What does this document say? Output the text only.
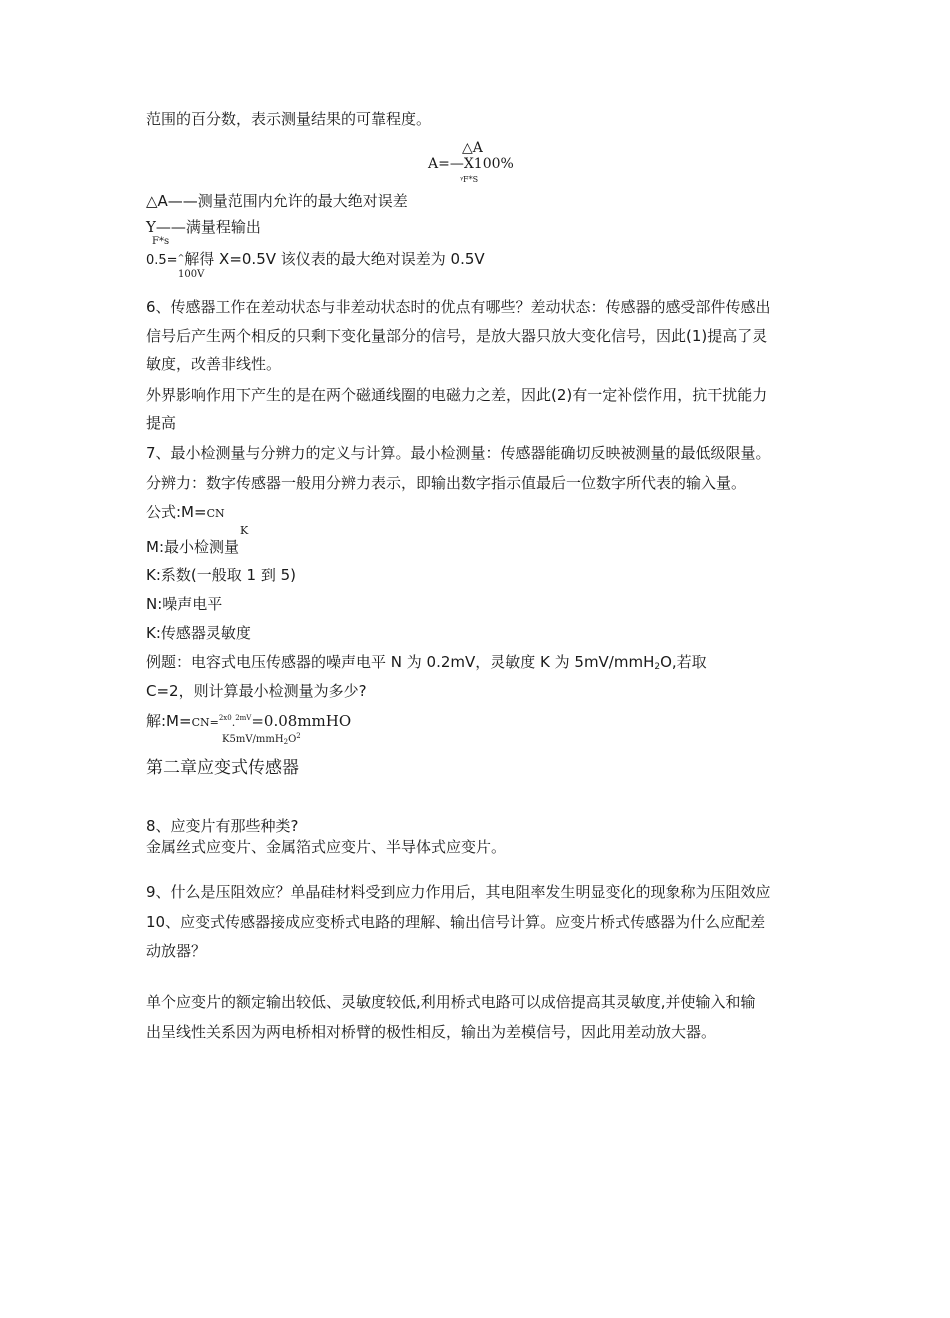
范围的百分数，表示测量结果的可靠程度。
△A
A=—X100%
ᵞF*S
△A——测量范围内允许的最大绝对误差
Y——满量程输出
F*s
0.5=^解得 X=0.5V 该仪表的最大绝对误差为 0.5V
100V
6、传感器工作在差动状态与非差动状态时的优点有哪些？差动状态：传感器的感受部件传感出
信号后产生两个相反的只剩下变化量部分的信号，是放大器只放大变化信号，因此(1)提高了灵
敏度，改善非线性。
外界影响作用下产生的是在两个磁通线圈的电磁力之差，因此(2)有一定补偿作用，抗干扰能力
提高
7、最小检测量与分辨力的定义与计算。最小检测量：传感器能确切反映被测量的最低级限量。
分辨力：数字传感器一般用分辨力表示，即输出数字指示值最后一位数字所代表的输入量。
公式:M=CN
K
M:最小检测量
K:系数(一般取 1 到 5)
N:噪声电平
K:传感器灵敏度
例题：电容式电压传感器的噪声电平 N 为 0.2mV，灵敏度 K 为 5mV/mmH$_2$O,若取
C=2，则计算最小检测量为多少?
解:M=CN=$^{2x0}$.$^{2mV}$=0.08mmHO
$K5mV/mmH_2O^2$
第二章应变式传感器
8、应变片有那些种类?
金属丝式应变片、金属箔式应变片、半导体式应变片。
9、什么是压阻效应？单晶硅材料受到应力作用后，其电阻率发生明显变化的现象称为压阻效应
10、应变式传感器接成应变桥式电路的理解、输出信号计算。应变片桥式传感器为什么应配差
动放器？
单个应变片的额定输出较低、灵敏度较低,利用桥式电路可以成倍提高其灵敏度,并使输入和输
出呈线性关系因为两电桥相对桥臂的极性相反，输出为差模信号，因此用差动放大器。
